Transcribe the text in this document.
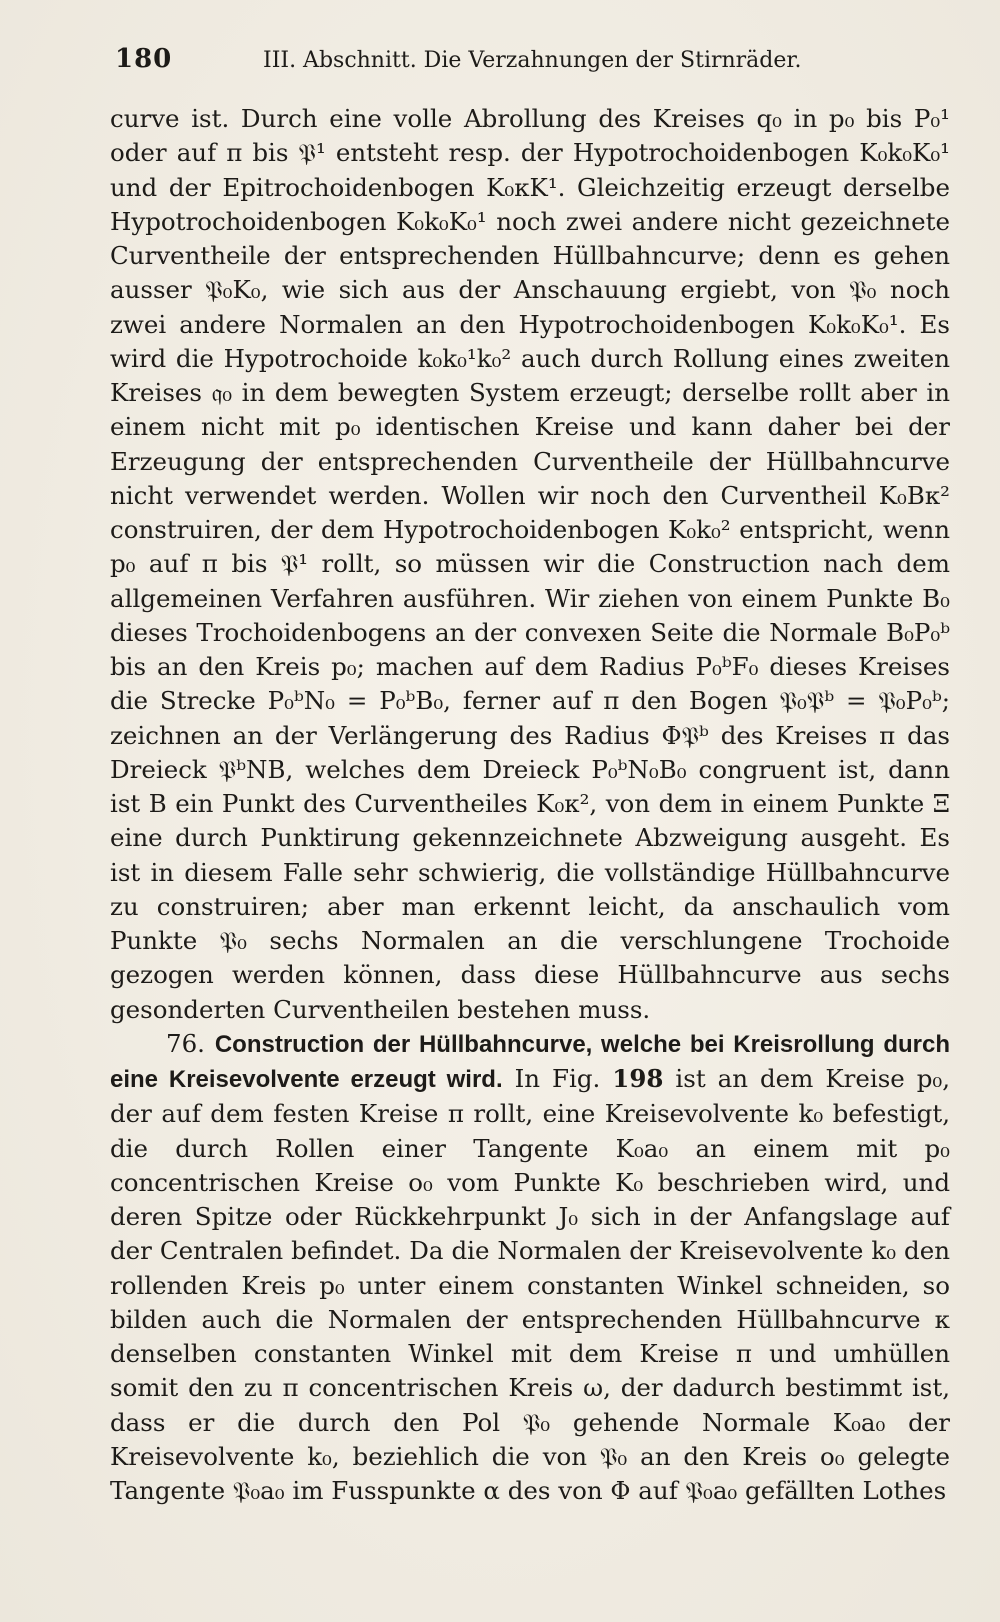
180	III. Abschnitt. Die Verzahnungen der Stirnräder.

curve ist. Durch eine volle Abrollung des Kreises q₀ in p₀ bis P₀¹ oder auf π bis 𝔓¹ entsteht resp. der Hypotrochoidenbogen K₀k₀K₀¹ und der Epitrochoidenbogen K₀κK¹. Gleichzeitig erzeugt derselbe Hypotrochoidenbogen K₀k₀K₀¹ noch zwei andere nicht gezeichnete Curventheile der entsprechenden Hüllbahncurve; denn es gehen ausser 𝔓₀K₀, wie sich aus der Anschauung ergiebt, von 𝔓₀ noch zwei andere Normalen an den Hypotrochoidenbogen K₀k₀K₀¹. Es wird die Hypotrochoide k₀k₀¹k₀² auch durch Rollung eines zweiten Kreises 𝔮₀ in dem bewegten System erzeugt; derselbe rollt aber in einem nicht mit p₀ identischen Kreise und kann daher bei der Erzeugung der entsprechenden Curventheile der Hüllbahncurve nicht verwendet werden. Wollen wir noch den Curventheil K₀Bκ² construiren, der dem Hypotrochoidenbogen K₀k₀² entspricht, wenn p₀ auf π bis 𝔓¹ rollt, so müssen wir die Construction nach dem allgemeinen Verfahren ausführen. Wir ziehen von einem Punkte B₀ dieses Trochoidenbogens an der convexen Seite die Normale B₀P₀ᵇ bis an den Kreis p₀; machen auf dem Radius P₀ᵇF₀ dieses Kreises die Strecke P₀ᵇN₀ = P₀ᵇB₀, ferner auf π den Bogen 𝔓₀𝔓ᵇ = 𝔓₀P₀ᵇ; zeichnen an der Verlängerung des Radius Φ𝔓ᵇ des Kreises π das Dreieck 𝔓ᵇNB, welches dem Dreieck P₀ᵇN₀B₀ congruent ist, dann ist B ein Punkt des Curventheiles K₀κ², von dem in einem Punkte Ξ eine durch Punktirung gekennzeichnete Abzweigung ausgeht. Es ist in diesem Falle sehr schwierig, die vollständige Hüllbahncurve zu construiren; aber man erkennt leicht, da anschaulich vom Punkte 𝔓₀ sechs Normalen an die verschlungene Trochoide gezogen werden können, dass diese Hüllbahncurve aus sechs gesonderten Curventheilen bestehen muss.

76. Construction der Hüllbahncurve, welche bei Kreisrollung durch eine Kreisevolvente erzeugt wird. In Fig. 198 ist an dem Kreise p₀, der auf dem festen Kreise π rollt, eine Kreisevolvente k₀ befestigt, die durch Rollen einer Tangente K₀a₀ an einem mit p₀ concentrischen Kreise o₀ vom Punkte K₀ beschrieben wird, und deren Spitze oder Rückkehrpunkt J₀ sich in der Anfangslage auf der Centralen befindet. Da die Normalen der Kreisevolvente k₀ den rollenden Kreis p₀ unter einem constanten Winkel schneiden, so bilden auch die Normalen der entsprechenden Hüllbahncurve κ denselben constanten Winkel mit dem Kreise π und umhüllen somit den zu π concentrischen Kreis ω, der dadurch bestimmt ist, dass er die durch den Pol 𝔓₀ gehende Normale K₀a₀ der Kreisevolvente k₀, beziehlich die von 𝔓₀ an den Kreis o₀ gelegte Tangente 𝔓₀a₀ im Fusspunkte α des von Φ auf 𝔓₀a₀ gefällten Lothes
